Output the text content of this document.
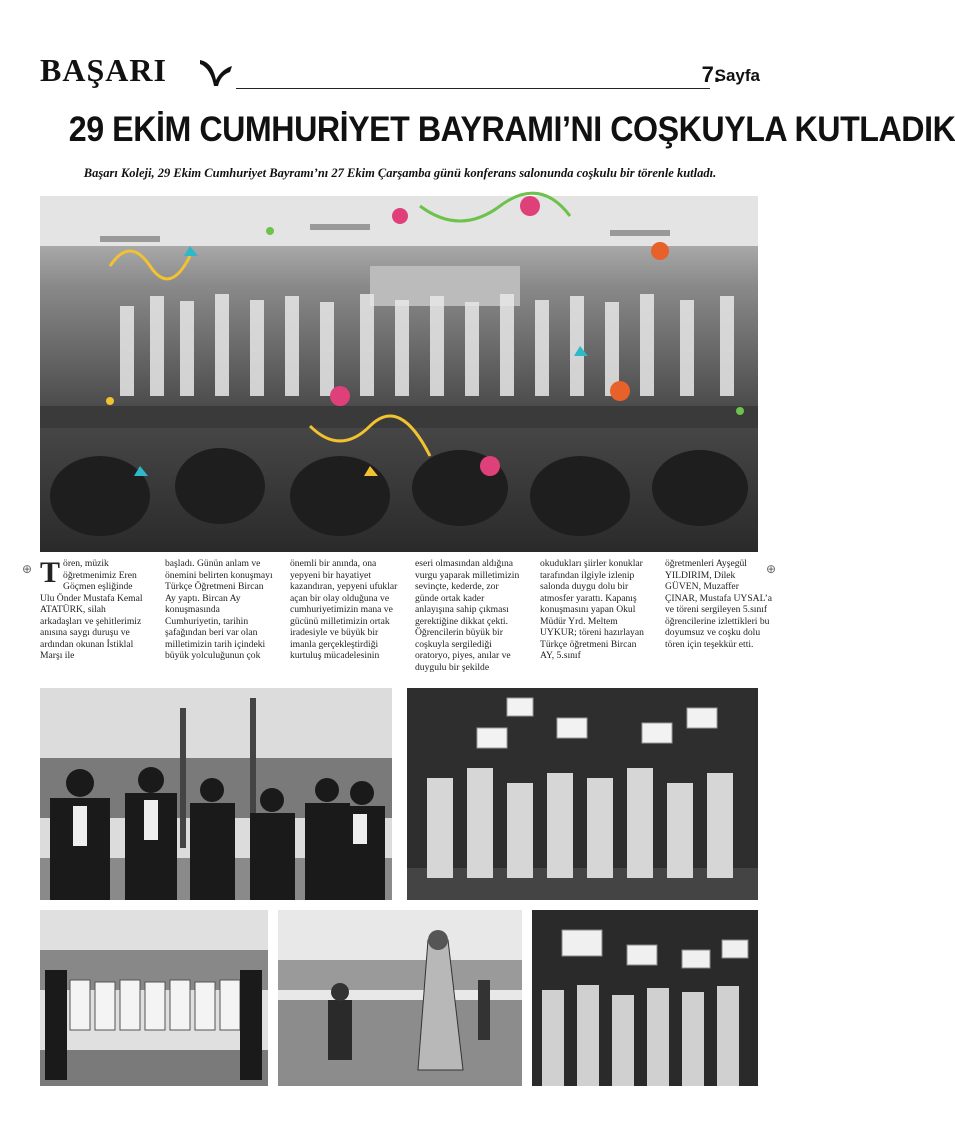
BAŞARI	7.
Sayfa
29 EKİM CUMHURİYET BAYRAMI’NI COŞKUYLA KUTLADIK
Başarı Koleji, 29 Ekim Cumhuriyet Bayramı’nı 27 Ekim Çarşamba günü konferans salonunda coşkulu bir törenle kutladı.
⊕	⊕
Tören, müzik öğretmenimiz Eren Göçmen eşliğinde Ulu Önder Mustafa Kemal ATATÜRK, silah arkadaşları ve şehitlerimiz anısına saygı duruşu ve ardından okunan İstiklal Marşı ile
başladı. Günün anlam ve önemini belirten konuşmayı Türkçe Öğretmeni Bircan Ay yaptı. Bircan Ay konuşmasında Cumhuriyetin, tarihin şafağından beri var olan milletimizin tarih içindeki büyük yolculuğunun çok
önemli bir anında, ona yepyeni bir hayatiyet kazandıran, yepyeni ufuklar açan bir olay olduğuna ve cumhuriyetimizin mana ve gücünü milletimizin ortak iradesiyle ve büyük bir imanla gerçekleştirdiği kurtuluş mücadelesinin
eseri olmasından aldığına vurgu yaparak milletimizin sevinçte, kederde, zor günde ortak kader anlayışına sahip çıkması gerektiğine dikkat çekti. Öğrencilerin büyük bir coşkuyla sergilediği oratoryo, piyes, anılar ve duygulu bir şekilde
okudukları şiirler konuklar tarafından ilgiyle izlenip salonda duygu dolu bir atmosfer yarattı. Kapanış konuşmasını yapan Okul Müdür Yrd. Meltem UYKUR; töreni hazırlayan Türkçe öğretmeni Bircan AY, 5.sınıf
öğretmenleri Ayşegül YILDIRIM, Dilek GÜVEN, Muzaffer ÇINAR, Mustafa UYSAL’a ve töreni sergileyen 5.sınıf öğrencilerine izlettikleri bu doyumsuz ve coşku dolu tören için teşekkür etti.
